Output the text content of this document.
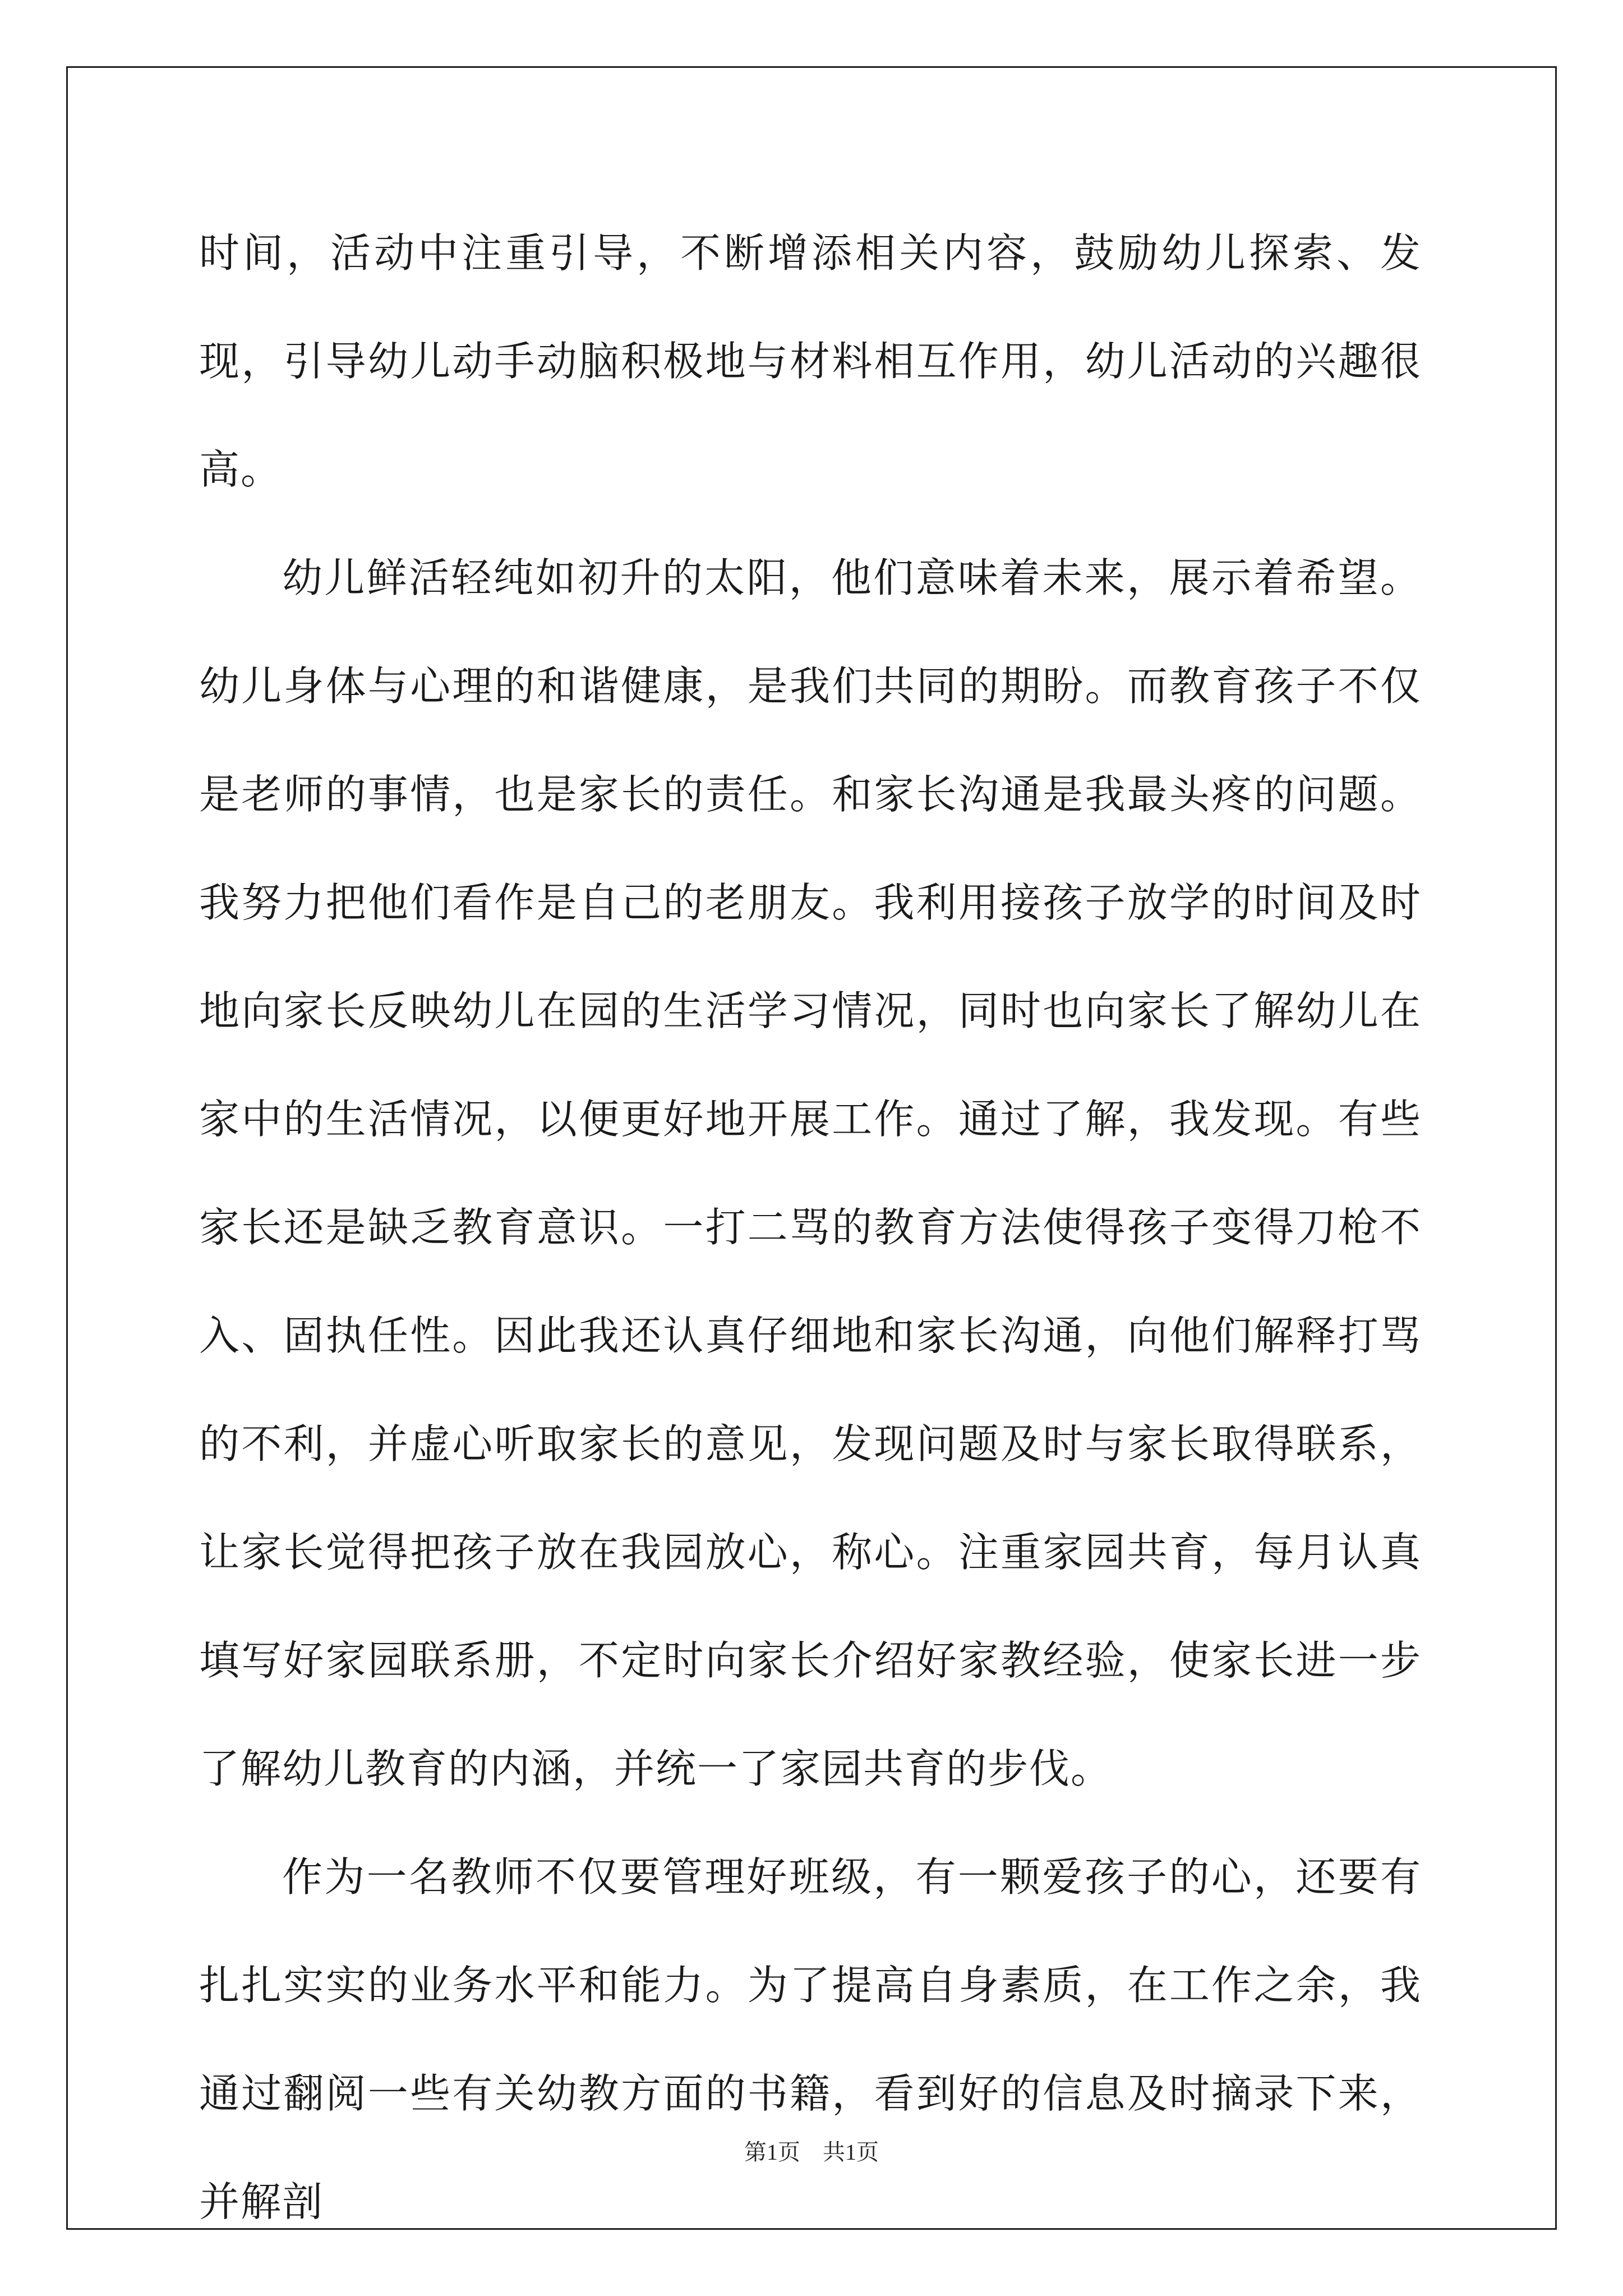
时间，活动中注重引导，不断增添相关内容，鼓励幼儿探索、发现，引导幼儿动手动脑积极地与材料相互作用，幼儿活动的兴趣很高。

幼儿鲜活轻纯如初升的太阳，他们意味着未来，展示着希望。幼儿身体与心理的和谐健康，是我们共同的期盼。而教育孩子不仅是老师的事情，也是家长的责任。和家长沟通是我最头疼的问题。我努力把他们看作是自己的老朋友。我利用接孩子放学的时间及时地向家长反映幼儿在园的生活学习情况，同时也向家长了解幼儿在家中的生活情况，以便更好地开展工作。通过了解，我发现。有些家长还是缺乏教育意识。一打二骂的教育方法使得孩子变得刀枪不入、固执任性。因此我还认真仔细地和家长沟通，向他们解释打骂的不利，并虚心听取家长的意见，发现问题及时与家长取得联系，让家长觉得把孩子放在我园放心，称心。注重家园共育，每月认真填写好家园联系册，不定时向家长介绍好家教经验，使家长进一步了解幼儿教育的内涵，并统一了家园共育的步伐。

作为一名教师不仅要管理好班级，有一颗爱孩子的心，还要有扎扎实实的业务水平和能力。为了提高自身素质，在工作之余，我通过翻阅一些有关幼教方面的书籍，看到好的信息及时摘录下来，并解剖

第1页　共1页
